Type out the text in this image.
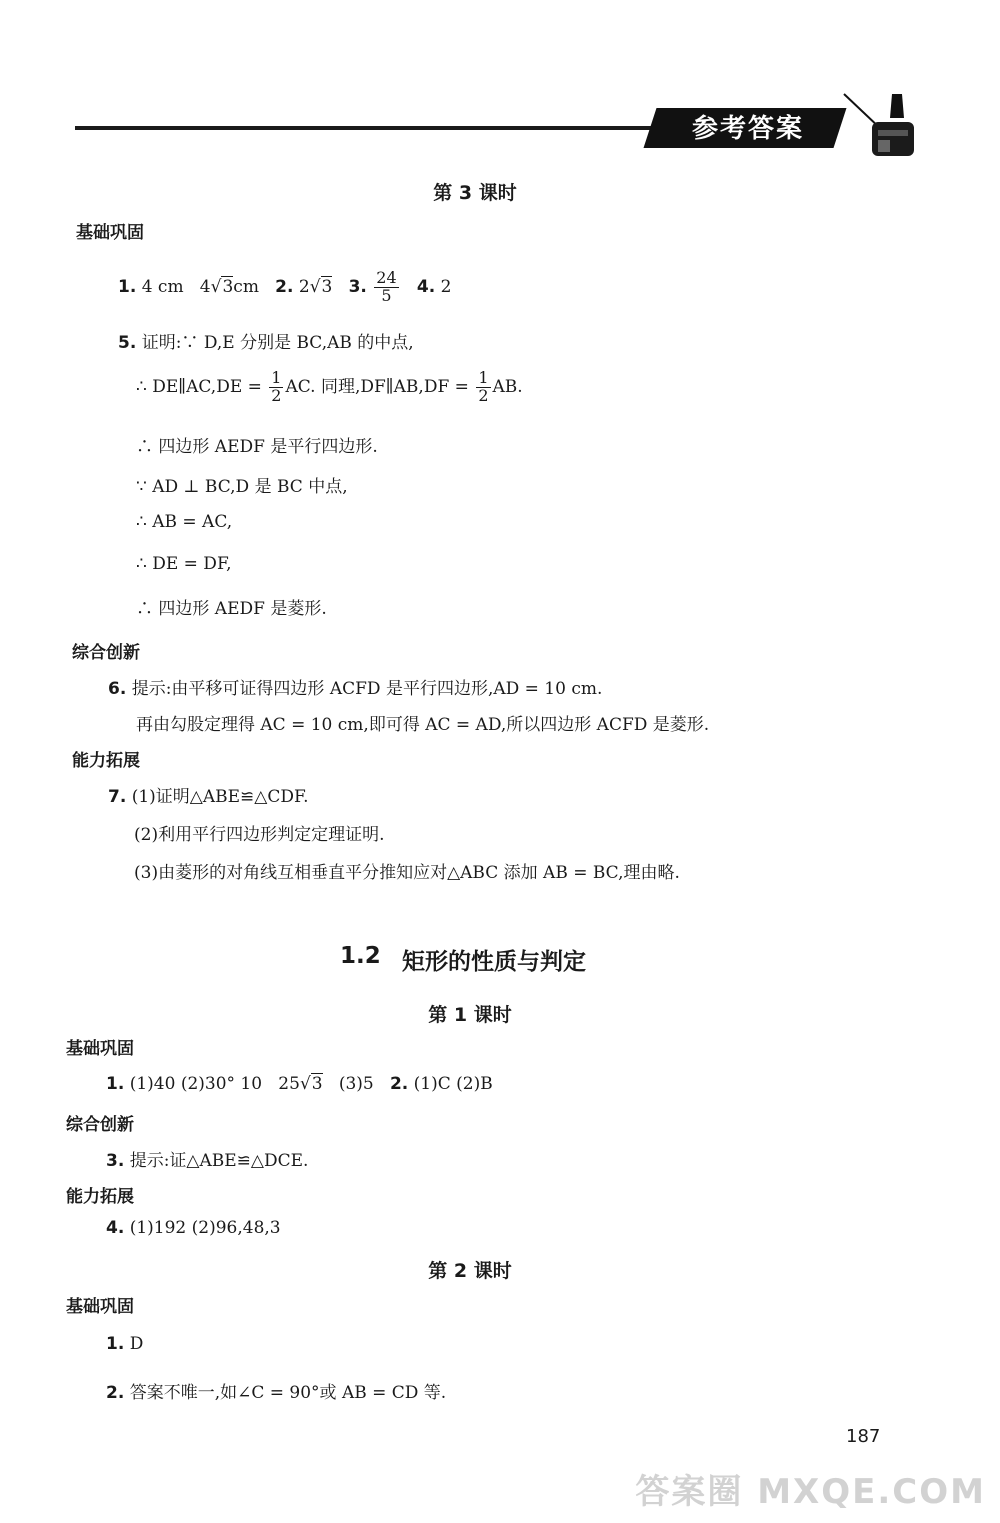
参考答案
第 3 课时
基础巩固
1. 4 cm 4√3cm 2. 2√3 3. $\frac{24}{5} 4$. 2
5. 证明:∵ D,E 分别是 BC,AB 的中点,
∴ DE∥AC,DE = $\frac{1}{2}$ AC. 同理,DF∥AB,DF = $\frac{1}{2}$ AB.
∴ 四边形 AEDF 是平行四边形.
∵ AD ⊥ BC,D 是 BC 中点,
∴ AB = AC,
∴ DE = DF,
∴ 四边形 AEDF 是菱形.
综合创新
6. 提示:由平移可证得四边形 ACFD 是平行四边形,AD = 10 cm.
再由勾股定理得 AC = 10 cm,即可得 AC = AD,所以四边形 ACFD 是菱形.
能力拓展
7. (1)证明△ABE≌△CDF.
(2)利用平行四边形判定定理证明.
(3)由菱形的对角线互相垂直平分推知应对△ABC 添加 AB = BC,理由略.
1.2 矩形的性质与判定
第 1 课时
基础巩固
1. (1)40 (2)30° 10 25√3 (3)5 2. (1)C (2)B
综合创新
3. 提示:证△ABE≌△DCE.
能力拓展
4. (1)192 (2)96,48,3
第 2 课时
基础巩固
1. D
2. 答案不唯一,如∠C = 90°或 AB = CD 等.
187
答案圈 MXQE.COM
